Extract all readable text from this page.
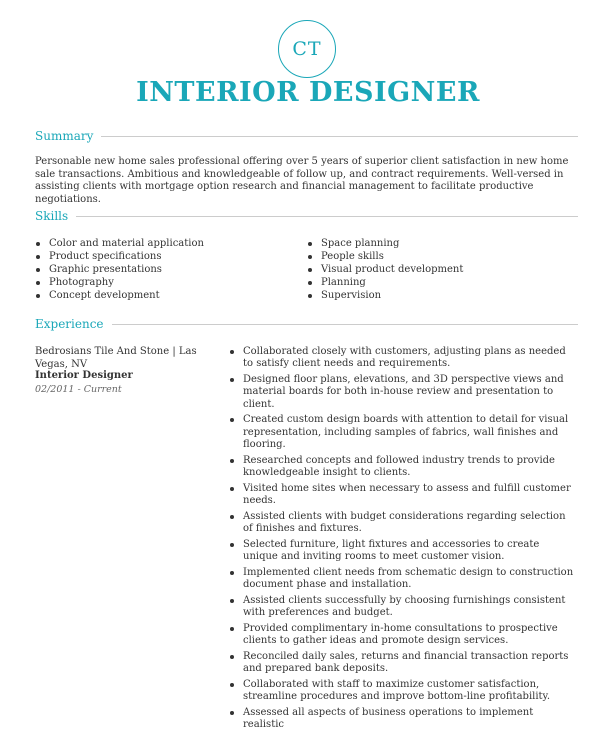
CT
INTERIOR DESIGNER
Summary
Personable new home sales professional offering over 5 years of superior client satisfaction in new home sale transactions. Ambitious and knowledgeable of follow up, and contract requirements. Well-versed in assisting clients with mortgage option research and financial management to facilitate productive negotiations.
Skills
Color and material application
Product specifications
Graphic presentations
Photography
Concept development
Space planning
People skills
Visual product development
Planning
Supervision
Experience
Bedrosians Tile And Stone | Las Vegas, NV
Interior Designer
02/2011 - Current
Collaborated closely with customers, adjusting plans as needed to satisfy client needs and requirements.
Designed floor plans, elevations, and 3D perspective views and material boards for both in-house review and presentation to client.
Created custom design boards with attention to detail for visual representation, including samples of fabrics, wall finishes and flooring.
Researched concepts and followed industry trends to provide knowledgeable insight to clients.
Visited home sites when necessary to assess and fulfill customer needs.
Assisted clients with budget considerations regarding selection of finishes and fixtures.
Selected furniture, light fixtures and accessories to create unique and inviting rooms to meet customer vision.
Implemented client needs from schematic design to construction document phase and installation.
Assisted clients successfully by choosing furnishings consistent with preferences and budget.
Provided complimentary in-home consultations to prospective clients to gather ideas and promote design services.
Reconciled daily sales, returns and financial transaction reports and prepared bank deposits.
Collaborated with staff to maximize customer satisfaction, streamline procedures and improve bottom-line profitability.
Assessed all aspects of business operations to implement realistic
